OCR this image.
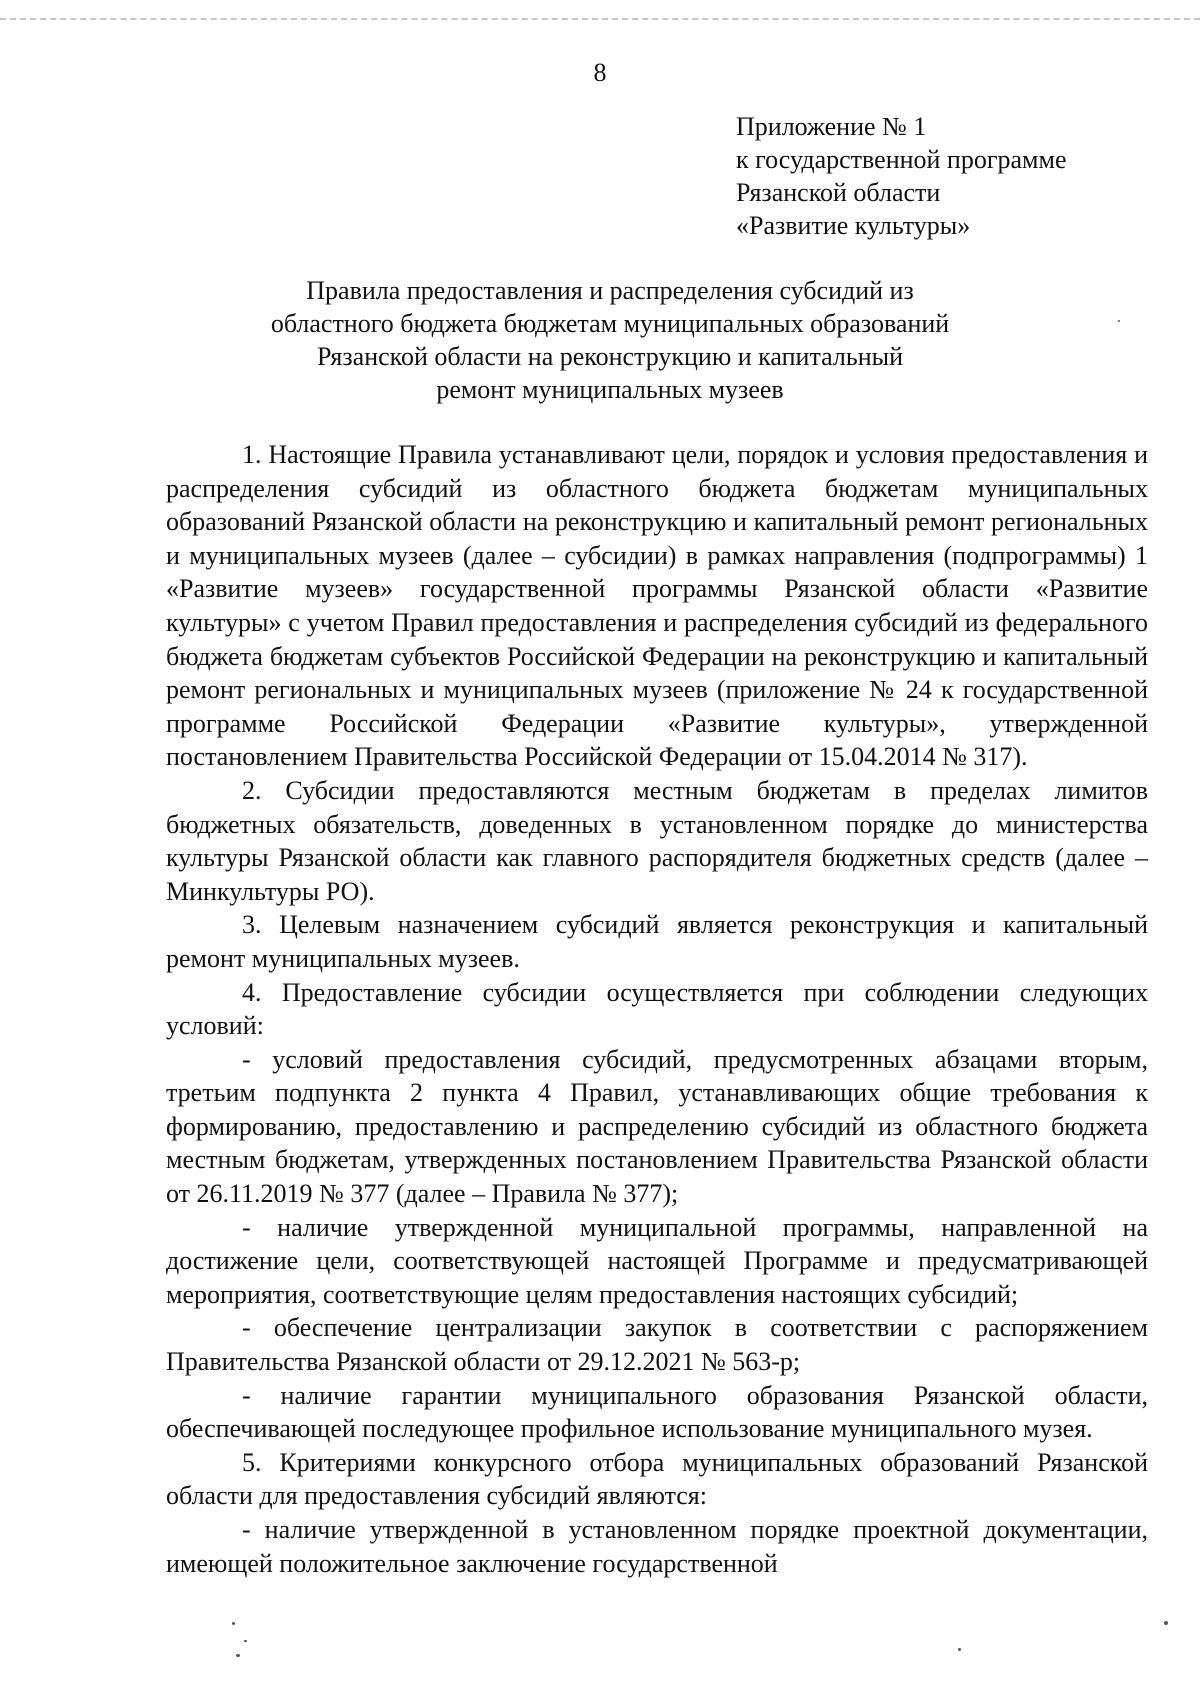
8
Приложение № 1
к государственной программе
Рязанской области
«Развитие культуры»
Правила предоставления и распределения субсидий из
областного бюджета бюджетам муниципальных образований
Рязанской области на реконструкцию и капитальный
ремонт муниципальных музеев

1. Настоящие Правила устанавливают цели, порядок и условия предоставления и распределения субсидий из областного бюджета бюджетам муниципальных образований Рязанской области на реконструкцию и капитальный ремонт региональных и муниципальных музеев (далее – субсидии) в рамках направления (подпрограммы) 1 «Развитие музеев» государственной программы Рязанской области «Развитие культуры» с учетом Правил предоставления и распределения субсидий из федерального бюджета бюджетам субъектов Российской Федерации на реконструкцию и капитальный ремонт региональных и муниципальных музеев (приложение № 24 к государственной программе Российской Федерации «Развитие культуры», утвержденной постановлением Правительства Российской Федерации от 15.04.2014 № 317).

2. Субсидии предоставляются местным бюджетам в пределах лимитов бюджетных обязательств, доведенных в установленном порядке до министерства культуры Рязанской области как главного распорядителя бюджетных средств (далее – Минкультуры РО).

3. Целевым назначением субсидий является реконструкция и капитальный ремонт муниципальных музеев.

4. Предоставление субсидии осуществляется при соблюдении следующих условий:

- условий предоставления субсидий, предусмотренных абзацами вторым, третьим подпункта 2 пункта 4 Правил, устанавливающих общие требования к формированию, предоставлению и распределению субсидий из областного бюджета местным бюджетам, утвержденных постановлением Правительства Рязанской области от 26.11.2019 № 377 (далее – Правила № 377);

- наличие утвержденной муниципальной программы, направленной на достижение цели, соответствующей настоящей Программе и предусматривающей мероприятия, соответствующие целям предоставления настоящих субсидий;

- обеспечение централизации закупок в соответствии с распоряжением Правительства Рязанской области от 29.12.2021 № 563-р;

- наличие гарантии муниципального образования Рязанской области, обеспечивающей последующее профильное использование муниципального музея.

5. Критериями конкурсного отбора муниципальных образований Рязанской области для предоставления субсидий являются:

- наличие утвержденной в установленном порядке проектной документации, имеющей положительное заключение государственной
